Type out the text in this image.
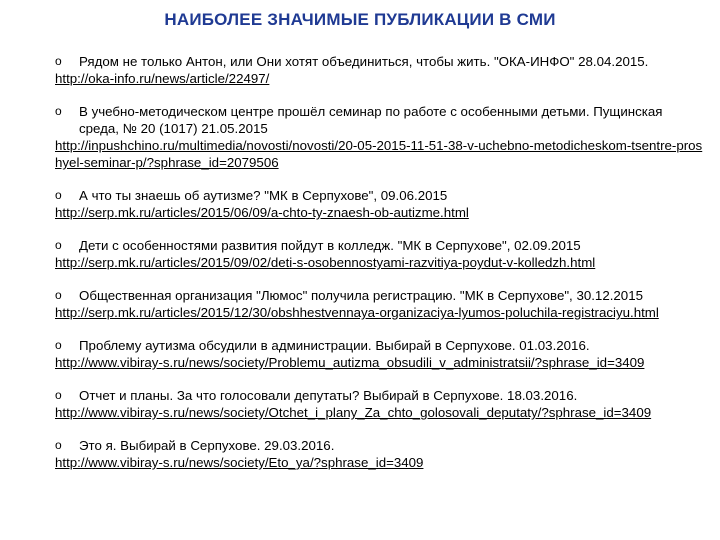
НАИБОЛЕЕ ЗНАЧИМЫЕ ПУБЛИКАЦИИ В СМИ
o Рядом не только Антон, или Они хотят объединиться, чтобы жить. "ОКА-ИНФО" 28.04.2015.
http://oka-info.ru/news/article/22497/
o В учебно-методическом центре прошёл семинар по работе с особенными детьми. Пущинская среда, № 20 (1017) 21.05.2015
http://inpushchino.ru/multimedia/novosti/novosti/20-05-2015-11-51-38-v-uchebno-metodicheskom-tsentre-proshyel-seminar-p/?sphrase_id=2079506
o А что ты знаешь об аутизме? "МК в Серпухове", 09.06.2015
http://serp.mk.ru/articles/2015/06/09/a-chto-ty-znaesh-ob-autizme.html
o Дети с особенностями развития пойдут в колледж. "МК в Серпухове", 02.09.2015
http://serp.mk.ru/articles/2015/09/02/deti-s-osobennostyami-razvitiya-poydut-v-kolledzh.html
o Общественная организация "Люмос" получила регистрацию. "МК в Серпухове", 30.12.2015
http://serp.mk.ru/articles/2015/12/30/obshhestvennaya-organizaciya-lyumos-poluchila-registraciyu.html
o Проблему аутизма обсудили в администрации. Выбирай в Серпухове. 01.03.2016.
http://www.vibiray-s.ru/news/society/Problemu_autizma_obsudili_v_administratsii/?sphrase_id=3409
o Отчет и планы. За что голосовали депутаты? Выбирай в Серпухове. 18.03.2016.
http://www.vibiray-s.ru/news/society/Otchet_i_plany_Za_chto_golosovali_deputaty/?sphrase_id=3409
o Это я. Выбирай в Серпухове. 29.03.2016.
http://www.vibiray-s.ru/news/society/Eto_ya/?sphrase_id=3409
